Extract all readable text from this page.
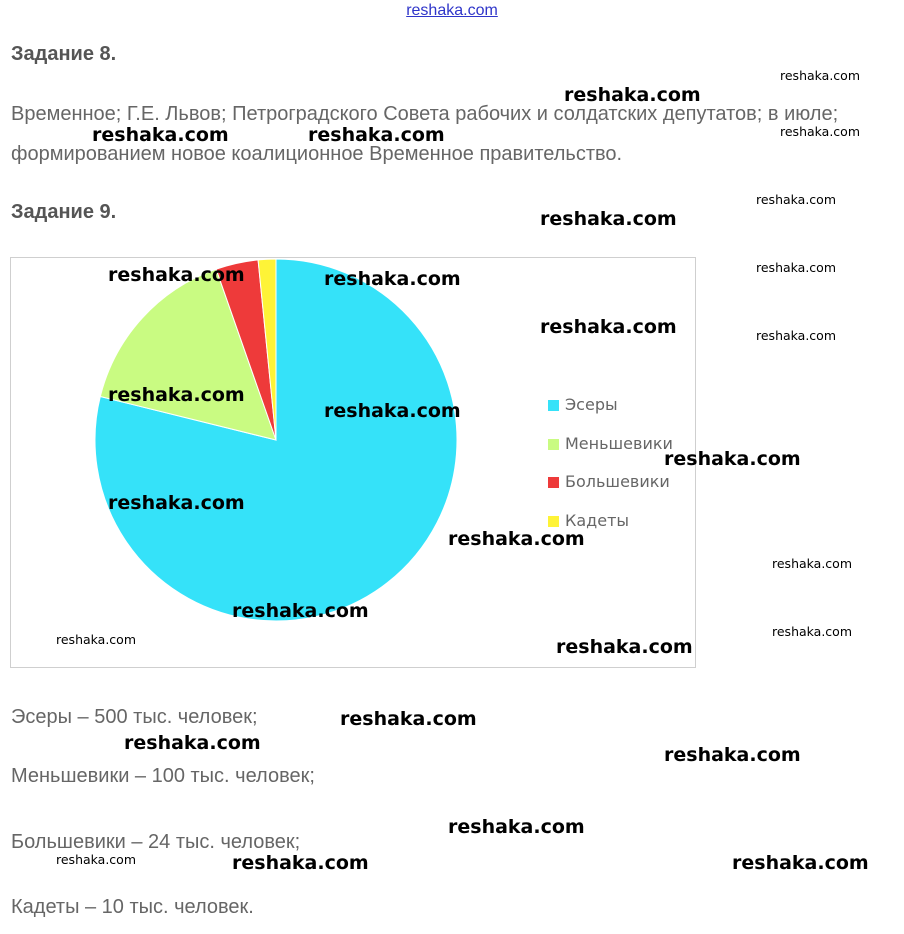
reshaka.com
Задание 8.
Временное; Г.Е. Львов; Петроградского Совета рабочих и солдатских депутатов; в июле; формированием новое коалиционное Временное правительство.
Задание 9.
Эсеры
Меньшевики
Большевики
Кадеты
Эсеры – 500 тыс. человек;
Меньшевики – 100 тыс. человек;
Большевики – 24 тыс. человек;
Кадеты – 10 тыс. человек.
reshaka.com
reshaka.com
reshaka.com
reshaka.com	reshaka.com
reshaka.com
reshaka.com
reshaka.com
reshaka.com
reshaka.com	reshaka.com
reshaka.com
reshaka.com
reshaka.com
reshaka.com
reshaka.com
reshaka.com
reshaka.com
reshaka.com
reshaka.com
reshaka.com	reshaka.com
reshaka.com
reshaka.com
reshaka.com
reshaka.com
reshaka.com	reshaka.com	reshaka.com
